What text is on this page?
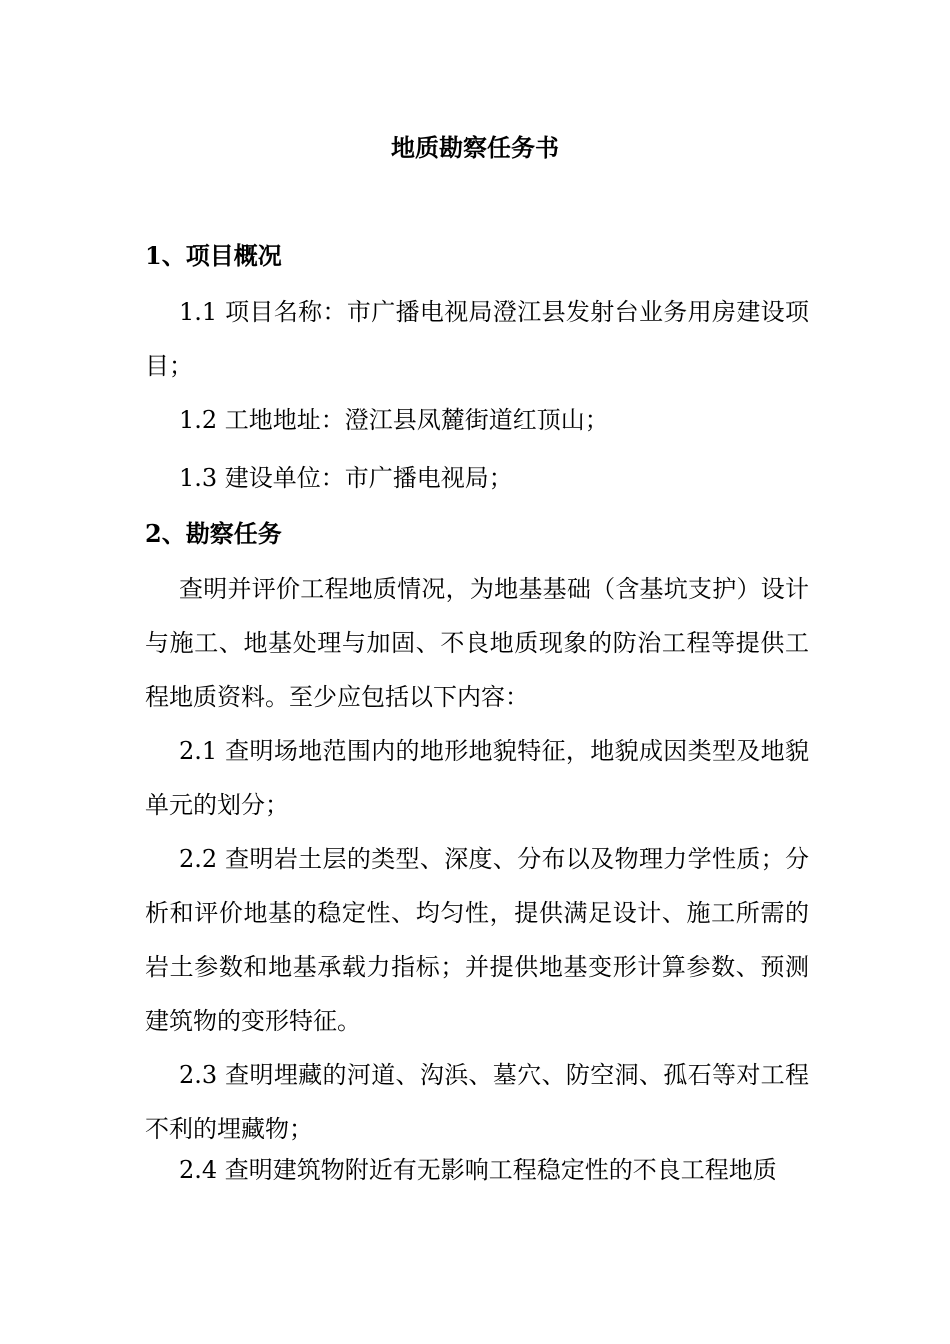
地质勘察任务书
1、项目概况
1.1 项目名称：市广播电视局澄江县发射台业务用房建设项目；
1.2 工地地址：澄江县凤麓街道红顶山；
1.3 建设单位：市广播电视局；
2、勘察任务
查明并评价工程地质情况，为地基基础（含基坑支护）设计与施工、地基处理与加固、不良地质现象的防治工程等提供工程地质资料。至少应包括以下内容：
2.1 查明场地范围内的地形地貌特征，地貌成因类型及地貌单元的划分；
2.2 查明岩土层的类型、深度、分布以及物理力学性质；分析和评价地基的稳定性、均匀性，提供满足设计、施工所需的岩土参数和地基承载力指标；并提供地基变形计算参数、预测建筑物的变形特征。
2.3 查明埋藏的河道、沟浜、墓穴、防空洞、孤石等对工程不利的埋藏物；
2.4 查明建筑物附近有无影响工程稳定性的不良工程地质
